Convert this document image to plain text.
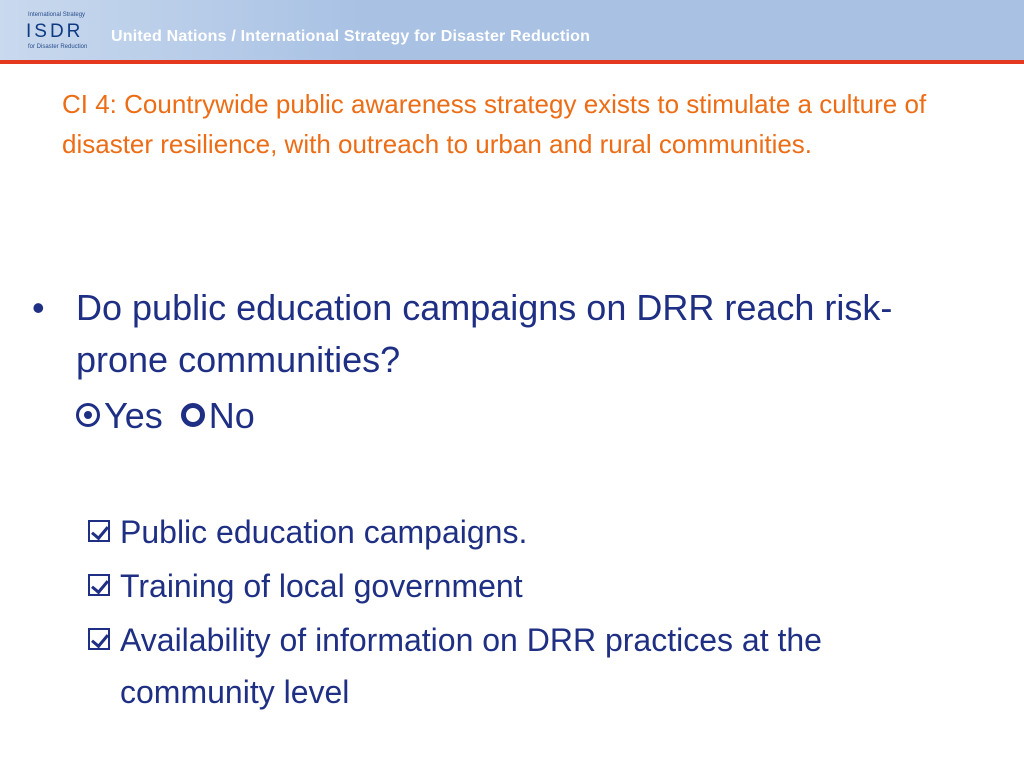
International Strategy
ISDR
for Disaster Reduction
United Nations / International Strategy for Disaster Reduction
CI 4: Countrywide public awareness strategy exists to stimulate a culture of disaster resilience, with outreach to urban and rural communities.
• Do public education campaigns on DRR reach risk-prone communities?
Yes No
Public education campaigns.
Training of local government
Availability of information on DRR practices at the community level
